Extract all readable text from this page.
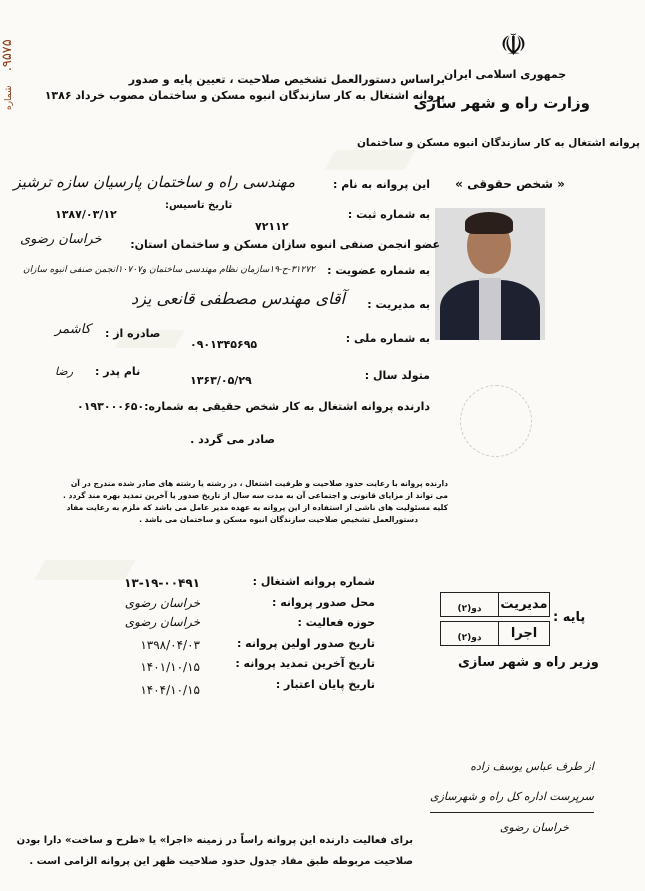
۹۵۷۵. شماره
☫
جمهوری اسلامی ایران
وزارت راه و شهر سازی
پروانه اشتغال به کار سازندگان انبوه مسکن و ساختمان
« شخص حقوقی »
براساس دستورالعمل تشخیص صلاحیت ، تعیین پایه و صدور
پروانه اشتغال به کار سازندگان انبوه مسکن و ساختمان مصوب خرداد ۱۳۸۶
این پروانه به نام :
مهندسی راه و ساختمان پارسیان سازه ترشیز
به شماره ثبت :
۷۲۱۱۲
تاریخ تاسیس:
۱۳۸۷/۰۳/۱۲
عضو انجمن صنفی انبوه سازان مسکن و ساختمان استان:
خراسان رضوی
به شماره عضویت :
۳۱۲۷۲-ح-۱۹سازمان نظام مهندسی ساختمان و۱۰۷۰۷انجمن صنفی انبوه سازان
به مدیریت :
آقای مهندس مصطفی قانعی یزد
به شماره ملی :
۰۹۰۱۳۴۵۶۹۵
صادره از :
کاشمر
متولد سال :
۱۳۶۳/۰۵/۲۹
نام پدر :
رضا
دارنده پروانه اشتغال به کار شخص حقیقی به شماره:۰۱۹۳۰۰۰۶۵۰
صادر می گردد .
دارنده پروانه با رعایت حدود صلاحیت و ظرفیت اشتغال ، در رشته یا رشته های صادر شده مندرج در آن
می تواند از مزایای قانونی و اجتماعی آن به مدت سه سال از تاریخ صدور یا آخرین تمدید بهره مند گردد .
کلیه مسئولیت های ناشی از استفاده از این پروانه به عهده مدیر عامل می باشد که ملزم به رعایت مفاد
دستورالعمل تشخیص صلاحیت سازندگان انبوه مسکن و ساختمان می باشد .
شماره پروانه اشتغال :
محل صدور پروانه :
حوزه فعالیت :
تاریخ صدور اولین پروانه :
تاریخ آخرین تمدید پروانه :
تاریخ پایان اعتبار :
۱۳-۱۹-۰۰۴۹۱
خراسان رضوی
خراسان رضوی
۱۳۹۸/۰۴/۰۳
۱۴۰۱/۱۰/۱۵
۱۴۰۴/۱۰/۱۵
مدیریت
دو(۲)
اجرا
دو(۲)
پایه :
وزیر راه و شهر سازی
از طرف عباس یوسف زاده
سرپرست اداره کل راه و شهرسازی
خراسان رضوی
برای فعالیت دارنده این پروانه راساً در زمینه «اجرا» یا «طرح و ساخت» دارا بودن
صلاحیت مربوطه طبق مفاد جدول حدود صلاحیت ظهر این پروانه الزامی است .
